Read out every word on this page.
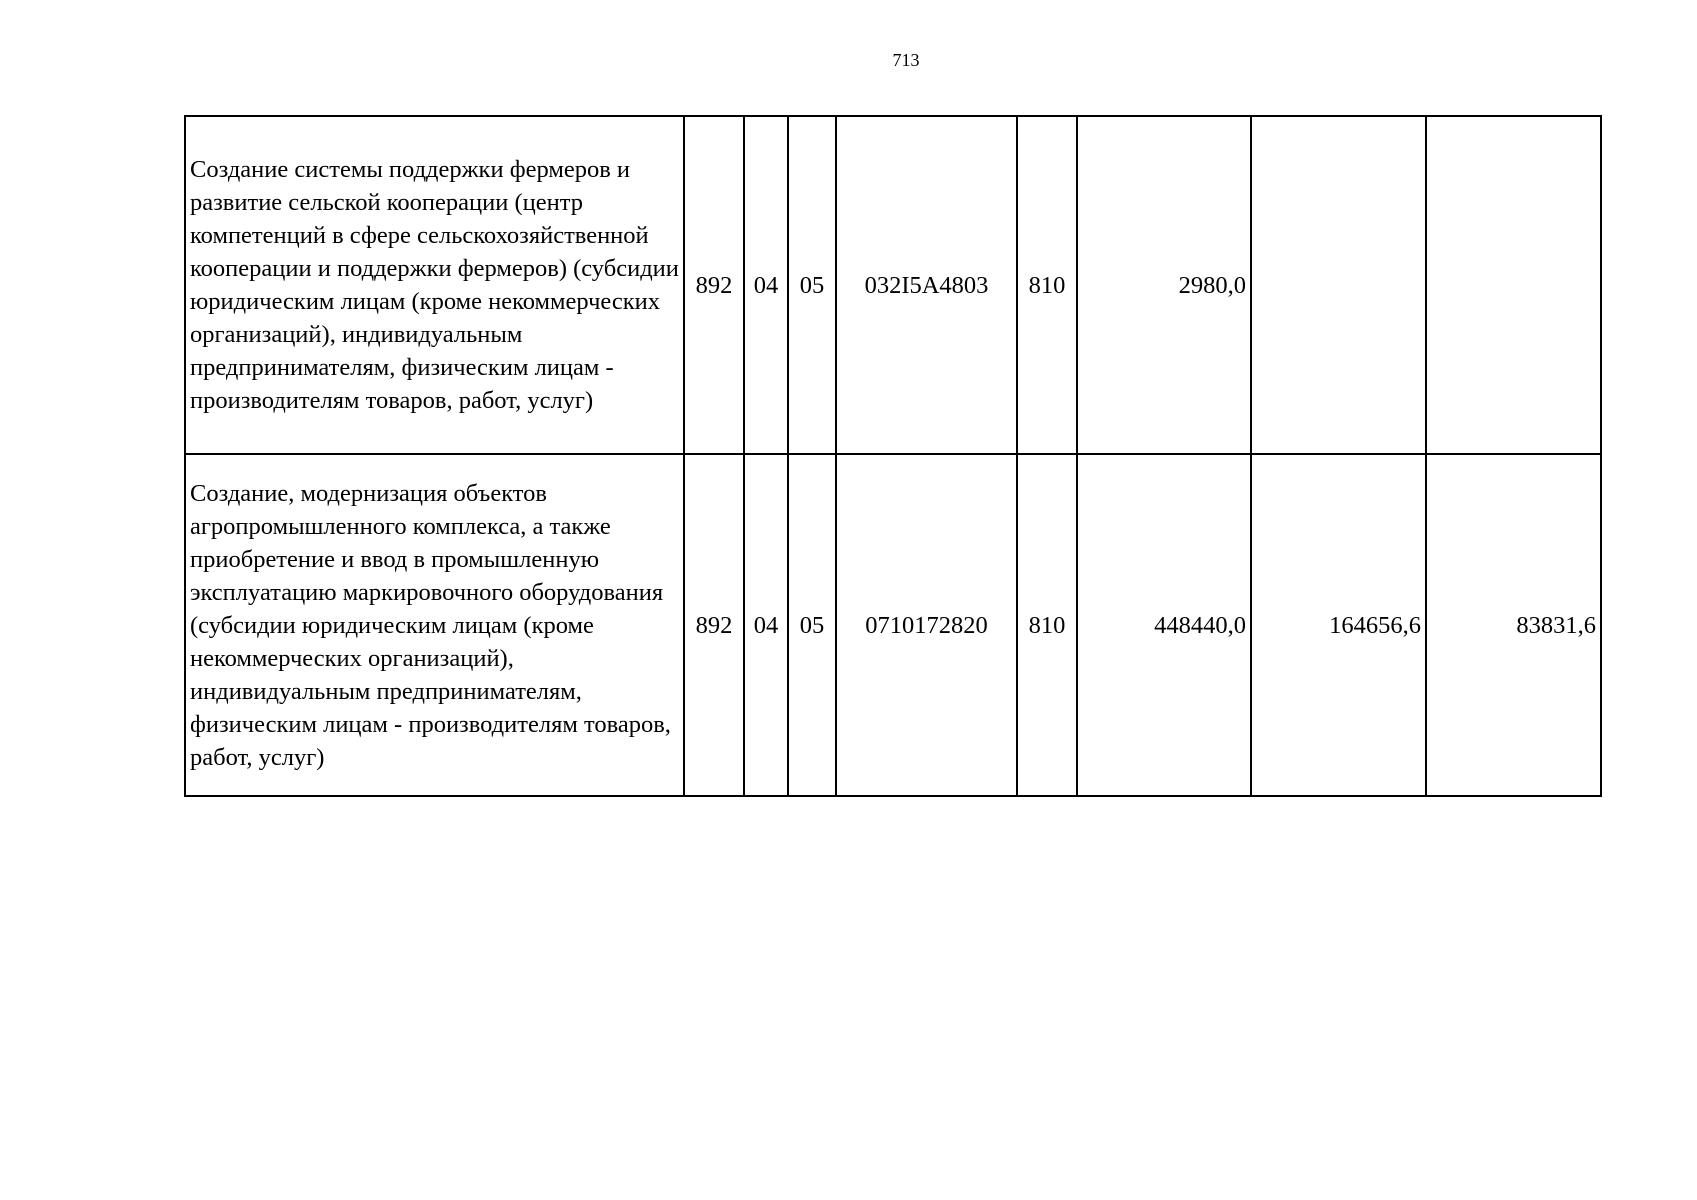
713
Создание системы поддержки фермеров и развитие сельской кооперации (центр компетенций в сфере сельскохозяйственной кооперации и поддержки фермеров) (субсидии юридическим лицам (кроме некоммерческих организаций), индивидуальным предпринимателям, физическим лицам - производителям товаров, работ, услуг)	892	04	05	032I5A4803	810	2980,0		
Создание, модернизация объектов агропромышленного комплекса, а также приобретение и ввод в промышленную эксплуатацию маркировочного оборудования (субсидии юридическим лицам (кроме некоммерческих организаций), индивидуальным предпринимателям, физическим лицам - производителям товаров, работ, услуг)	892	04	05	0710172820	810	448440,0	164656,6	83831,6
